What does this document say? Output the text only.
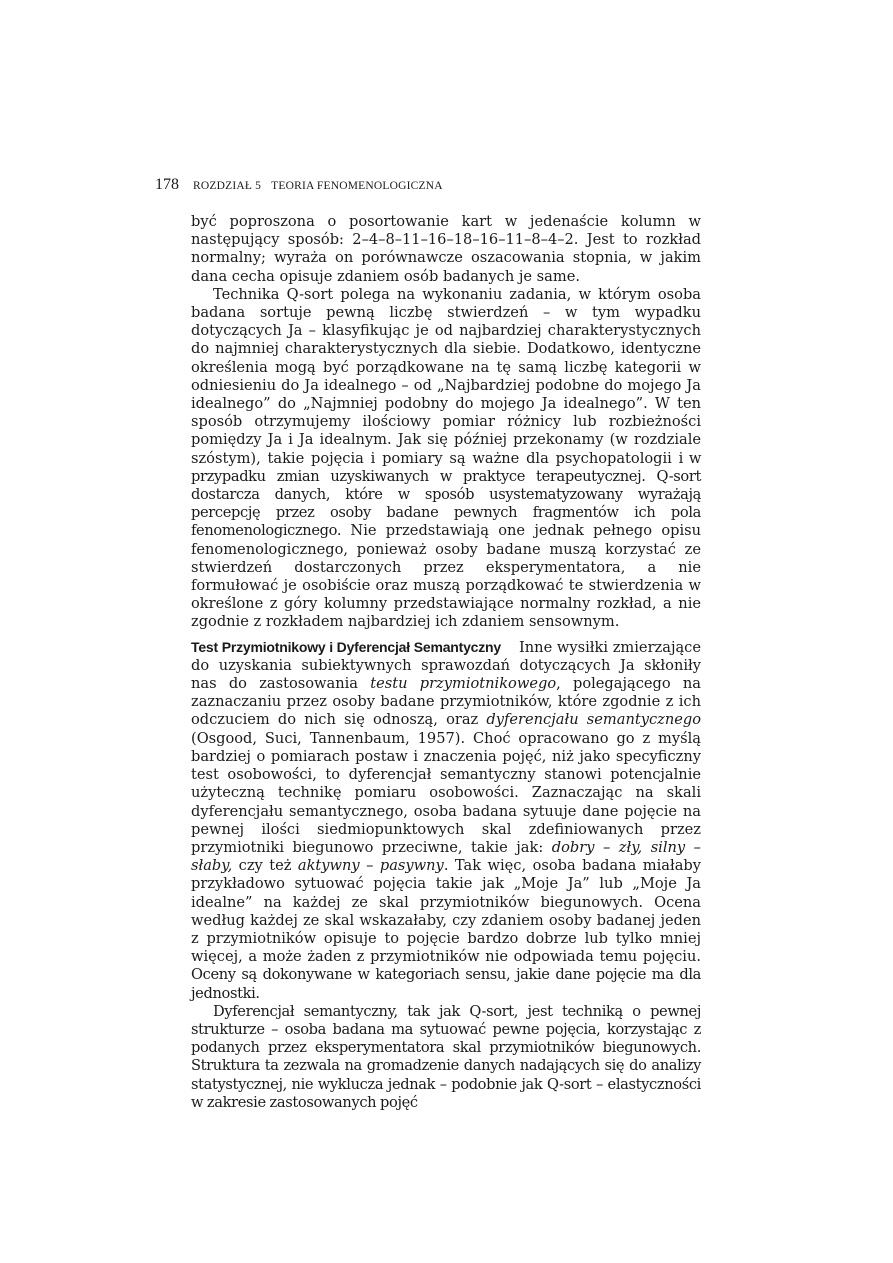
178 ROZDZIAŁ 5 TEORIA FENOMENOLOGICZNA

być poproszona o posortowanie kart w jedenaście kolumn w następujący sposób: 2–4–8–11–16–18–16–11–8–4–2. Jest to rozkład normalny; wyraża on porównawcze oszacowania stopnia, w jakim dana cecha opisuje zdaniem osób badanych je same.

Technika Q-sort polega na wykonaniu zadania, w którym osoba badana sortuje pewną liczbę stwierdzeń – w tym wypadku dotyczących Ja – klasyfikując je od najbardziej charakterystycznych do najmniej charakterystycznych dla siebie. Dodatkowo, identyczne określenia mogą być porządkowane na tę samą liczbę kategorii w odniesieniu do Ja idealnego – od „Najbardziej podobne do mojego Ja idealnego” do „Najmniej podobny do mojego Ja idealnego”. W ten sposób otrzymujemy ilościowy pomiar różnicy lub rozbieżności pomiędzy Ja i Ja idealnym. Jak się później przekonamy (w rozdziale szóstym), takie pojęcia i pomiary są ważne dla psychopatologii i w przypadku zmian uzyskiwanych w praktyce terapeutycznej. Q-sort dostarcza danych, które w sposób usystematyzowany wyrażają percepcję przez osoby badane pewnych fragmentów ich pola fenomenologicznego. Nie przedstawiają one jednak pełnego opisu fenomenologicznego, ponieważ osoby badane muszą korzystać ze stwierdzeń dostarczonych przez eksperymentatora, a nie formułować je osobiście oraz muszą porządkować te stwierdzenia w określone z góry kolumny przedstawiające normalny rozkład, a nie zgodnie z rozkładem najbardziej ich zdaniem sensownym.

Test Przymiotnikowy i Dyferencjał Semantyczny Inne wysiłki zmierzające do uzyskania subiektywnych sprawozdań dotyczących Ja skłoniły nas do zastosowania testu przymiotnikowego, polegającego na zaznaczaniu przez osoby badane przymiotników, które zgodnie z ich odczuciem do nich się odnoszą, oraz dyferencjału semantycznego (Osgood, Suci, Tannenbaum, 1957). Choć opracowano go z myślą bardziej o pomiarach postaw i znaczenia pojęć, niż jako specyficzny test osobowości, to dyferencjał semantyczny stanowi potencjalnie użyteczną technikę pomiaru osobowości. Zaznaczając na skali dyferencjału semantycznego, osoba badana sytuuje dane pojęcie na pewnej ilości siedmiopunktowych skal zdefiniowanych przez przymiotniki biegunowo przeciwne, takie jak: dobry – zły, silny – słaby, czy też aktywny – pasywny. Tak więc, osoba badana miałaby przykładowo sytuować pojęcia takie jak „Moje Ja” lub „Moje Ja idealne” na każdej ze skal przymiotników biegunowych. Ocena według każdej ze skal wskazałaby, czy zdaniem osoby badanej jeden z przymiotników opisuje to pojęcie bardzo dobrze lub tylko mniej więcej, a może żaden z przymiotników nie odpowiada temu pojęciu. Oceny są dokonywane w kategoriach sensu, jakie dane pojęcie ma dla jednostki.

Dyferencjał semantyczny, tak jak Q-sort, jest techniką o pewnej strukturze – osoba badana ma sytuować pewne pojęcia, korzystając z podanych przez eksperymentatora skal przymiotników biegunowych. Struktura ta zezwala na gromadzenie danych nadających się do analizy statystycznej, nie wyklucza jednak – podobnie jak Q-sort – elastyczności w zakresie zastosowanych pojęć
